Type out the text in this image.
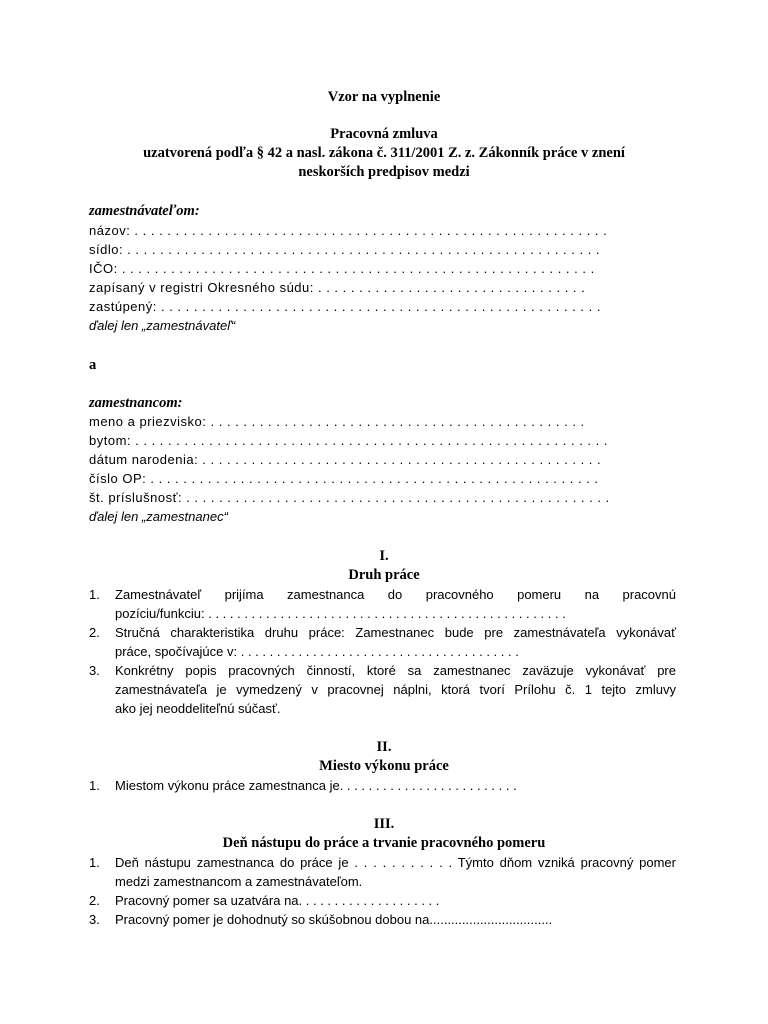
Vzor na vyplnenie
Pracovná zmluva
uzatvorená podľa § 42 a nasl. zákona č. 311/2001 Z. z. Zákonník práce v znení
neskorších predpisov medzi
zamestnávateľom:
názov: . . . . . . . . . . . . . . . . . . . . . . . . . . . . . . . . . . . . . . . . . . . . . . . . . . . . . . . . . .
sídlo: . . . . . . . . . . . . . . . . . . . . . . . . . . . . . . . . . . . . . . . . . . . . . . . . . . . . . . . . . .
IČO: . . . . . . . . . . . . . . . . . . . . . . . . . . . . . . . . . . . . . . . . . . . . . . . . . . . . . . . . . .
zapísaný v registri Okresného súdu: . . . . . . . . . . . . . . . . . . . . . . . . . . . . . . . . .
zastúpený: . . . . . . . . . . . . . . . . . . . . . . . . . . . . . . . . . . . . . . . . . . . . . . . . . . . . . .
ďalej len „zamestnávateľ“
a
zamestnancom:
meno a priezvisko: . . . . . . . . . . . . . . . . . . . . . . . . . . . . . . . . . . . . . . . . . . . . . .
bytom: . . . . . . . . . . . . . . . . . . . . . . . . . . . . . . . . . . . . . . . . . . . . . . . . . . . . . . . . . .
dátum narodenia: . . . . . . . . . . . . . . . . . . . . . . . . . . . . . . . . . . . . . . . . . . . . . . . . .
číslo OP: . . . . . . . . . . . . . . . . . . . . . . . . . . . . . . . . . . . . . . . . . . . . . . . . . . . . . . .
št. príslušnosť: . . . . . . . . . . . . . . . . . . . . . . . . . . . . . . . . . . . . . . . . . . . . . . . . . . . .
ďalej len „zamestnanec“
I.
Druh práce
1. Zamestnávateľ prijíma zamestnanca do pracovného pomeru na pracovnú
pozíciu/funkciu: . . . . . . . . . . . . . . . . . . . . . . . . . . . . . . . . . . . . . . . . . . . . . . . . . .
2. Stručná charakteristika druhu práce: Zamestnanec bude pre zamestnávateľa vykonávať
práce, spočívajúce v: . . . . . . . . . . . . . . . . . . . . . . . . . . . . . . . . . . . . . . .
3. Konkrétny popis pracovných činností, ktoré sa zamestnanec zaväzuje vykonávať pre
zamestnávateľa je vymedzený v pracovnej náplni, ktorá tvorí Prílohu č. 1 tejto zmluvy
ako jej neoddeliteľnú súčasť.
II.
Miesto výkonu práce
1. Miestom výkonu práce zamestnanca je. . . . . . . . . . . . . . . . . . . . . . . . .
III.
Deň nástupu do práce a trvanie pracovného pomeru
1. Deň nástupu zamestnanca do práce je . . . . . . . . . . . Týmto dňom vzniká pracovný pomer
medzi zamestnancom a zamestnávateľom.
2. Pracovný pomer sa uzatvára na. . . . . . . . . . . . . . . . . . . .
3. Pracovný pomer je dohodnutý so skúšobnou dobou na..................................
